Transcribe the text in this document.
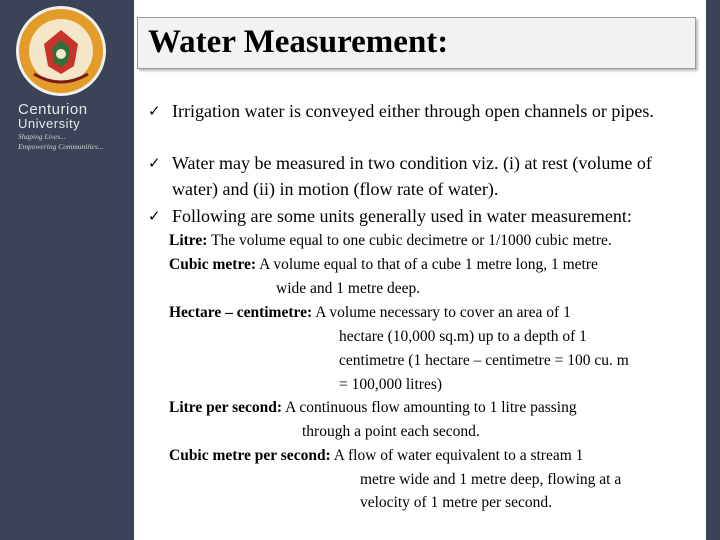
Centurion
University
Shaping Lives...
Empowering Communities...
Water Measurement:
✓ Irrigation water is conveyed either through open channels or pipes.
✓ Water may be measured in two condition viz. (i) at rest (volume of water) and (ii) in motion (flow rate of water).
✓ Following are some units generally used in water measurement:
Litre: The volume equal to one cubic decimetre or 1/1000 cubic metre.
Cubic metre: A volume equal to that of a cube 1 metre long, 1 metre
wide and 1 metre deep.
Hectare – centimetre: A volume necessary to cover an area of 1
hectare (10,000 sq.m) up to a depth of 1
centimetre (1 hectare – centimetre = 100 cu. m
= 100,000 litres)
Litre per second: A continuous flow amounting to 1 litre passing
through a point each second.
Cubic metre per second: A flow of water equivalent to a stream 1
metre wide and 1 metre deep, flowing at a
velocity of 1 metre per second.
